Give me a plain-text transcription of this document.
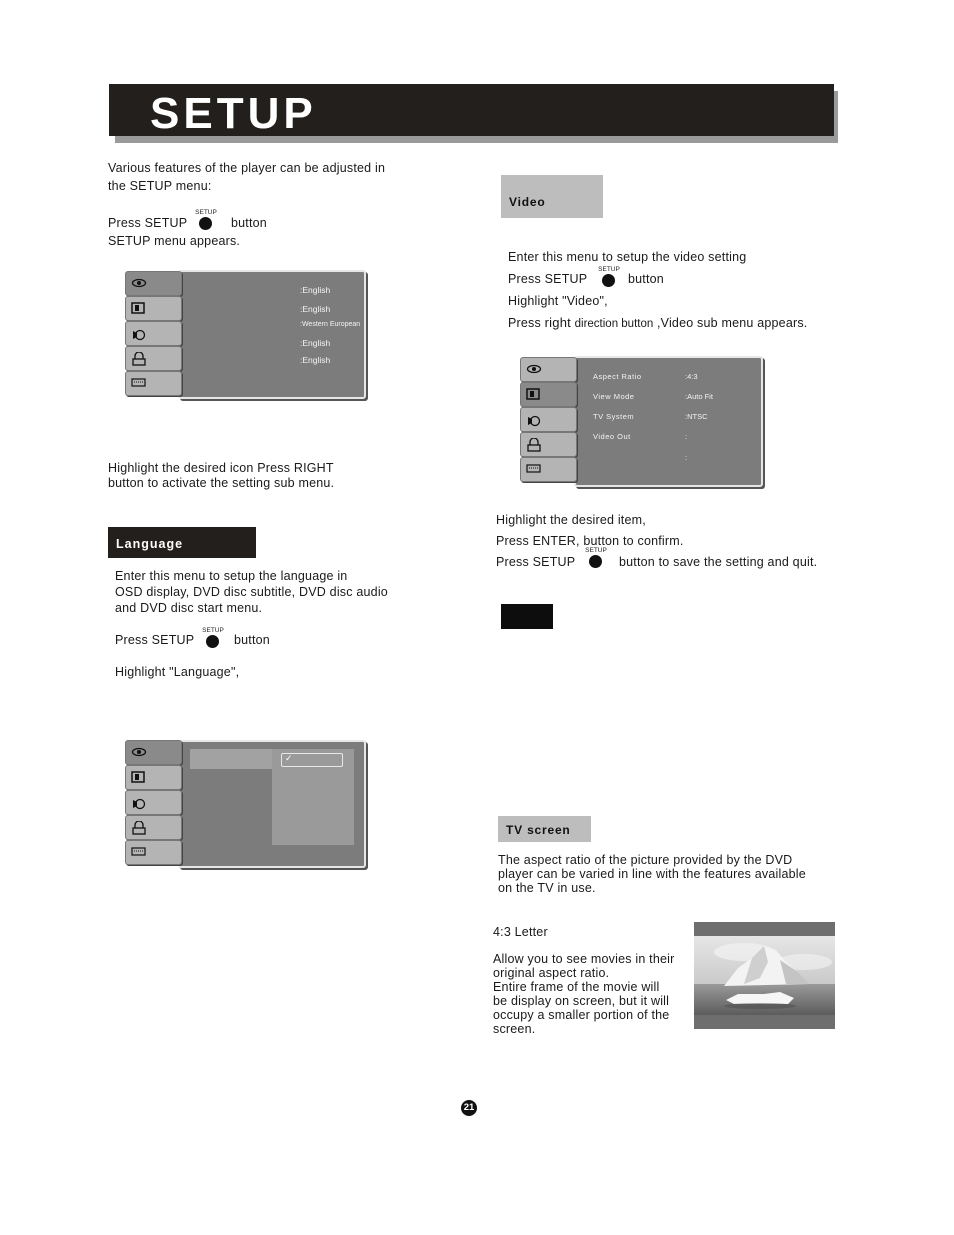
SETUP
Various features of the player can be adjusted in
the SETUP menu:
Press SETUP
SETUP
button
SETUP menu appears.
:English
:English
:Western European
:English
:English
Highlight the desired icon Press RIGHT
button to activate the setting sub menu.
Language
Enter this menu to setup the language in
OSD display, DVD disc subtitle, DVD disc audio
and DVD disc start menu.
Press SETUP
SETUP
button
Highlight "Language",
✓
Video
Enter this menu to setup the video setting
Press SETUP
SETUP
button
Highlight "Video",
Press right direction button ,Video sub menu appears.
Aspect Ratio	:4:3
View Mode	:Auto Fit
TV System	:NTSC
Video Out	:
:
Highlight the desired item,
Press ENTER, button to confirm.
Press SETUP
SETUP
button to save the setting and quit.
TV screen
The aspect ratio of the picture provided by the DVD
player can be varied in line with the features available
on the TV in use.
4:3 Letter
Allow you to see movies in their
original aspect ratio.
Entire frame of the movie will
be display on screen, but it will
occupy a smaller portion of the
screen.
21
